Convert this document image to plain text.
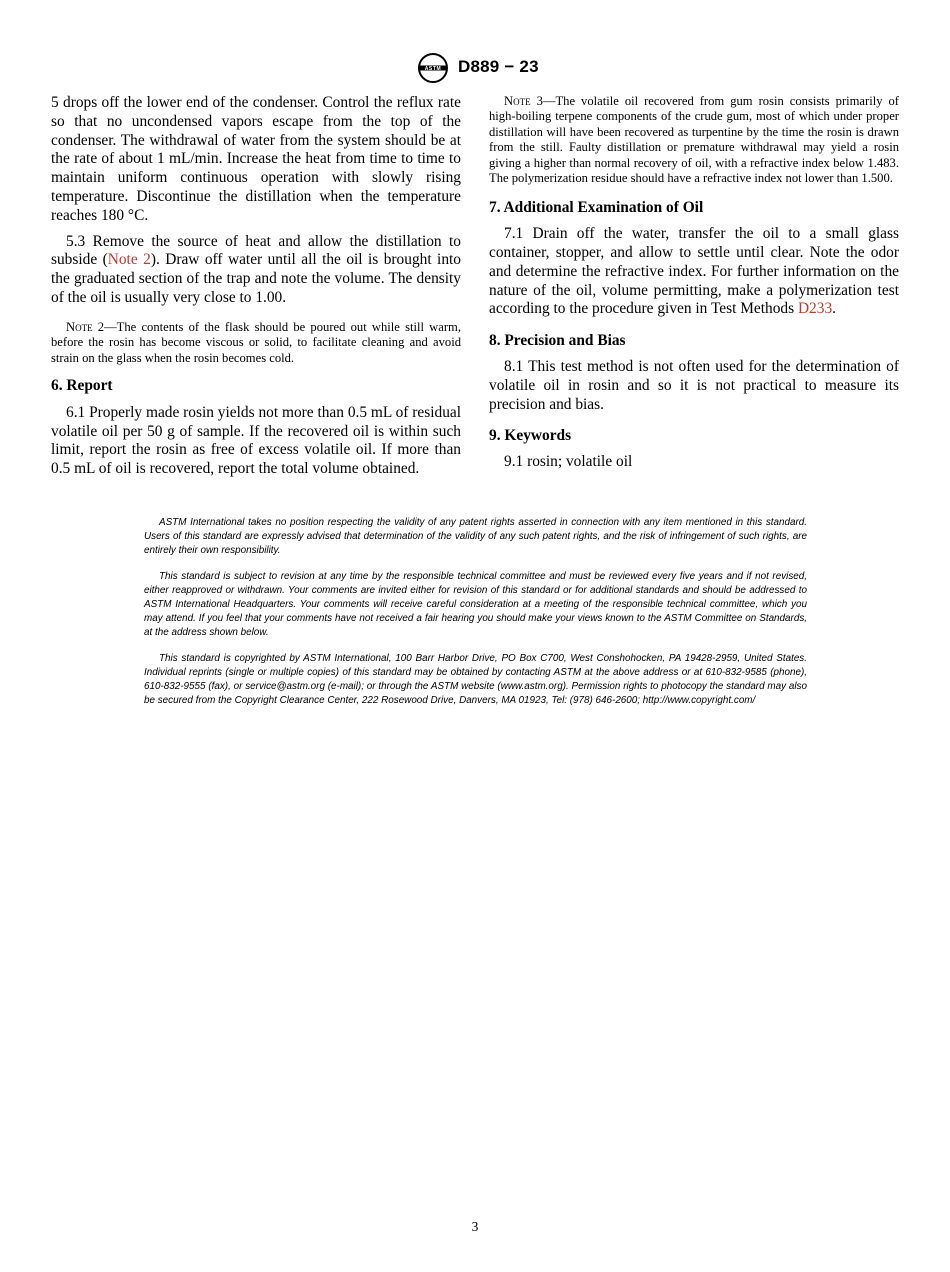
ASTM D889 − 23

5 drops off the lower end of the condenser. Control the reflux rate so that no uncondensed vapors escape from the top of the condenser. The withdrawal of water from the system should be at the rate of about 1 mL/min. Increase the heat from time to time to maintain uniform continuous operation with slowly rising temperature. Discontinue the distillation when the temperature reaches 180 °C.

5.3 Remove the source of heat and allow the distillation to subside (Note 2). Draw off water until all the oil is brought into the graduated section of the trap and note the volume. The density of the oil is usually very close to 1.00.

Note 2—The contents of the flask should be poured out while still warm, before the rosin has become viscous or solid, to facilitate cleaning and avoid strain on the glass when the rosin becomes cold.

6. Report

6.1 Properly made rosin yields not more than 0.5 mL of residual volatile oil per 50 g of sample. If the recovered oil is within such limit, report the rosin as free of excess volatile oil. If more than 0.5 mL of oil is recovered, report the total volume obtained.

Note 3—The volatile oil recovered from gum rosin consists primarily of high-boiling terpene components of the crude gum, most of which under proper distillation will have been recovered as turpentine by the time the rosin is drawn from the still. Faulty distillation or premature withdrawal may yield a rosin giving a higher than normal recovery of oil, with a refractive index below 1.483. The polymerization residue should have a refractive index not lower than 1.500.

7. Additional Examination of Oil

7.1 Drain off the water, transfer the oil to a small glass container, stopper, and allow to settle until clear. Note the odor and determine the refractive index. For further information on the nature of the oil, volume permitting, make a polymerization test according to the procedure given in Test Methods D233.

8. Precision and Bias

8.1 This test method is not often used for the determination of volatile oil in rosin and so it is not practical to measure its precision and bias.

9. Keywords

9.1 rosin; volatile oil

ASTM International takes no position respecting the validity of any patent rights asserted in connection with any item mentioned in this standard. Users of this standard are expressly advised that determination of the validity of any such patent rights, and the risk of infringement of such rights, are entirely their own responsibility.

This standard is subject to revision at any time by the responsible technical committee and must be reviewed every five years and if not revised, either reapproved or withdrawn. Your comments are invited either for revision of this standard or for additional standards and should be addressed to ASTM International Headquarters. Your comments will receive careful consideration at a meeting of the responsible technical committee, which you may attend. If you feel that your comments have not received a fair hearing you should make your views known to the ASTM Committee on Standards, at the address shown below.

This standard is copyrighted by ASTM International, 100 Barr Harbor Drive, PO Box C700, West Conshohocken, PA 19428-2959, United States. Individual reprints (single or multiple copies) of this standard may be obtained by contacting ASTM at the above address or at 610-832-9585 (phone), 610-832-9555 (fax), or service@astm.org (e-mail); or through the ASTM website (www.astm.org). Permission rights to photocopy the standard may also be secured from the Copyright Clearance Center, 222 Rosewood Drive, Danvers, MA 01923, Tel: (978) 646-2600; http://www.copyright.com/

3
